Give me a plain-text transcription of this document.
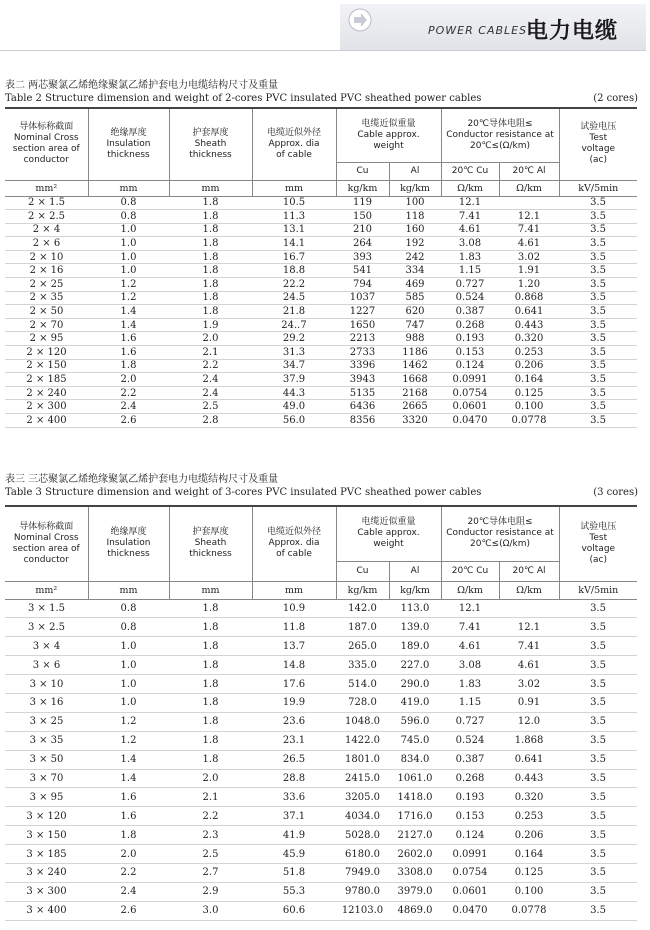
POWER CABLES
电力电缆
表二 两芯聚氯乙烯绝缘聚氯乙烯护套电力电缆结构尺寸及重量
Table 2 Structure dimension and weight of 2-cores PVC insulated PVC sheathed power cables	(2 cores)
导体标称截面
Nominal Cross
section area of
conductor	绝缘厚度
Insulation
thickness	护套厚度
Sheath
thickness	电缆近似外径
Approx. dia
of cable	电缆近似重量
Cable approx.
weight		20℃导体电阻≤
Conductor resistance at
20℃≤(Ω/km)		试验电压
Test
voltage
(ac)

				Cu	Al	20℃ Cu	20℃ Al	
mm²	mm	mm	mm	kg/km	kg/km	Ω/km	Ω/km	kV/5min
2 × 1.5	0.8	1.8	10.5	119	100	12.1		3.5
2 × 2.5	0.8	1.8	11.3	150	118	7.41	12.1	3.5
2 × 4	1.0	1.8	13.1	210	160	4.61	7.41	3.5
2 × 6	1.0	1.8	14.1	264	192	3.08	4.61	3.5
2 × 10	1.0	1.8	16.7	393	242	1.83	3.02	3.5
2 × 16	1.0	1.8	18.8	541	334	1.15	1.91	3.5
2 × 25	1.2	1.8	22.2	794	469	0.727	1.20	3.5
2 × 35	1.2	1.8	24.5	1037	585	0.524	0.868	3.5
2 × 50	1.4	1.8	21.8	1227	620	0.387	0.641	3.5
2 × 70	1.4	1.9	24..7	1650	747	0.268	0.443	3.5
2 × 95	1.6	2.0	29.2	2213	988	0.193	0.320	3.5
2 × 120	1.6	2.1	31.3	2733	1186	0.153	0.253	3.5
2 × 150	1.8	2.2	34.7	3396	1462	0.124	0.206	3.5
2 × 185	2.0	2.4	37.9	3943	1668	0.0991	0.164	3.5
2 × 240	2.2	2.4	44.3	5135	2168	0.0754	0.125	3.5
2 × 300	2.4	2.5	49.0	6436	2665	0.0601	0.100	3.5
2 × 400	2.6	2.8	56.0	8356	3320	0.0470	0.0778	3.5
表三 三芯聚氯乙烯绝缘聚氯乙烯护套电力电缆结构尺寸及重量
Table 3 Structure dimension and weight of 3-cores PVC insulated PVC sheathed power cables	(3 cores)
导体标称截面
Nominal Cross
section area of
conductor	绝缘厚度
Insulation
thickness	护套厚度
Sheath
thickness	电缆近似外径
Approx. dia
of cable	电缆近似重量
Cable approx.
weight		20℃导体电阻≤
Conductor resistance at
20℃≤(Ω/km)		试验电压
Test
voltage
(ac)

				Cu	Al	20℃ Cu	20℃ Al	
mm²	mm	mm	mm	kg/km	kg/km	Ω/km	Ω/km	kV/5min
3 × 1.5	0.8	1.8	10.9	142.0	113.0	12.1		3.5
3 × 2.5	0.8	1.8	11.8	187.0	139.0	7.41	12.1	3.5
3 × 4	1.0	1.8	13.7	265.0	189.0	4.61	7.41	3.5
3 × 6	1.0	1.8	14.8	335.0	227.0	3.08	4.61	3.5
3 × 10	1.0	1.8	17.6	514.0	290.0	1.83	3.02	3.5
3 × 16	1.0	1.8	19.9	728.0	419.0	1.15	0.91	3.5
3 × 25	1.2	1.8	23.6	1048.0	596.0	0.727	12.0	3.5
3 × 35	1.2	1.8	23.1	1422.0	745.0	0.524	1.868	3.5
3 × 50	1.4	1.8	26.5	1801.0	834.0	0.387	0.641	3.5
3 × 70	1.4	2.0	28.8	2415.0	1061.0	0.268	0.443	3.5
3 × 95	1.6	2.1	33.6	3205.0	1418.0	0.193	0.320	3.5
3 × 120	1.6	2.2	37.1	4034.0	1716.0	0.153	0.253	3.5
3 × 150	1.8	2.3	41.9	5028.0	2127.0	0.124	0.206	3.5
3 × 185	2.0	2.5	45.9	6180.0	2602.0	0.0991	0.164	3.5
3 × 240	2.2	2.7	51.8	7949.0	3308.0	0.0754	0.125	3.5
3 × 300	2.4	2.9	55.3	9780.0	3979.0	0.0601	0.100	3.5
3 × 400	2.6	3.0	60.6	12103.0	4869.0	0.0470	0.0778	3.5
